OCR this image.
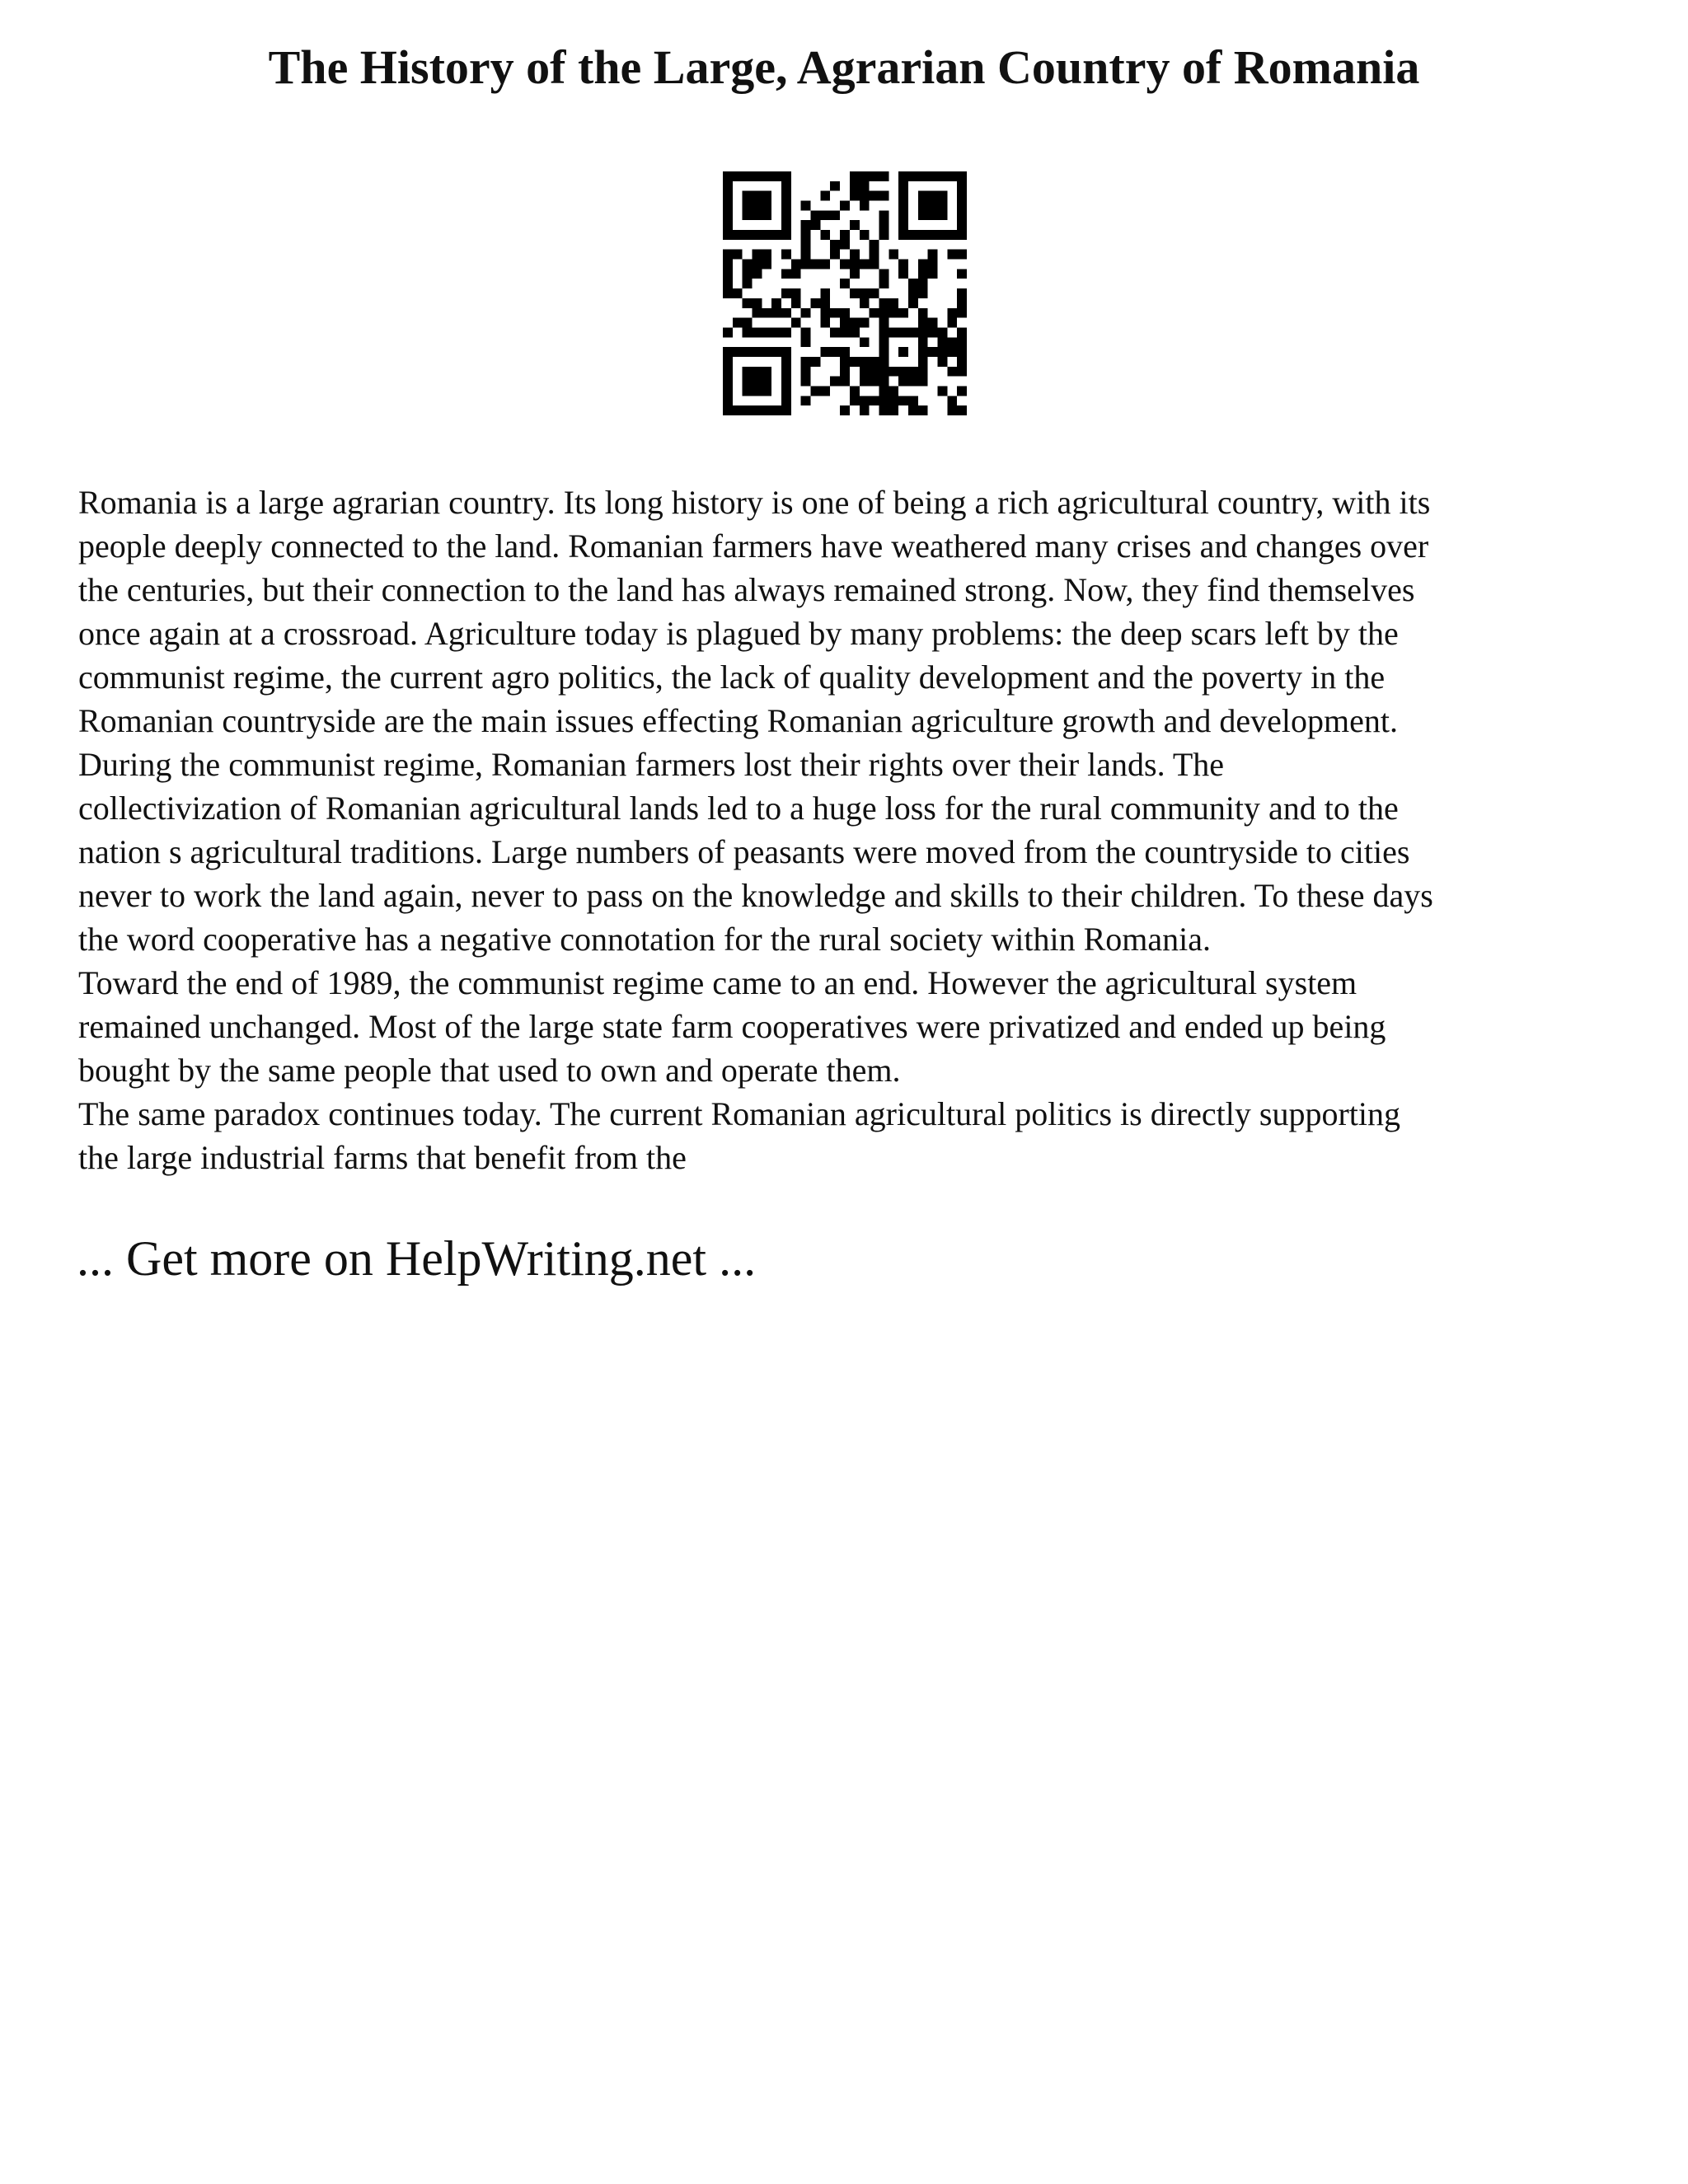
The History of the Large, Agrarian Country of Romania

Romania is a large agrarian country. Its long history is one of being a rich agricultural country, with its
people deeply connected to the land. Romanian farmers have weathered many crises and changes over
the centuries, but their connection to the land has always remained strong. Now, they find themselves
once again at a crossroad. Agriculture today is plagued by many problems: the deep scars left by the
communist regime, the current agro politics, the lack of quality development and the poverty in the
Romanian countryside are the main issues effecting Romanian agriculture growth and development.
During the communist regime, Romanian farmers lost their rights over their lands. The
collectivization of Romanian agricultural lands led to a huge loss for the rural community and to the
nation s agricultural traditions. Large numbers of peasants were moved from the countryside to cities
never to work the land again, never to pass on the knowledge and skills to their children. To these days
the word cooperative has a negative connotation for the rural society within Romania.

Toward the end of 1989, the communist regime came to an end. However the agricultural system
remained unchanged. Most of the large state farm cooperatives were privatized and ended up being
bought by the same people that used to own and operate them.

The same paradox continues today. The current Romanian agricultural politics is directly supporting
the large industrial farms that benefit from the

... Get more on HelpWriting.net ...
